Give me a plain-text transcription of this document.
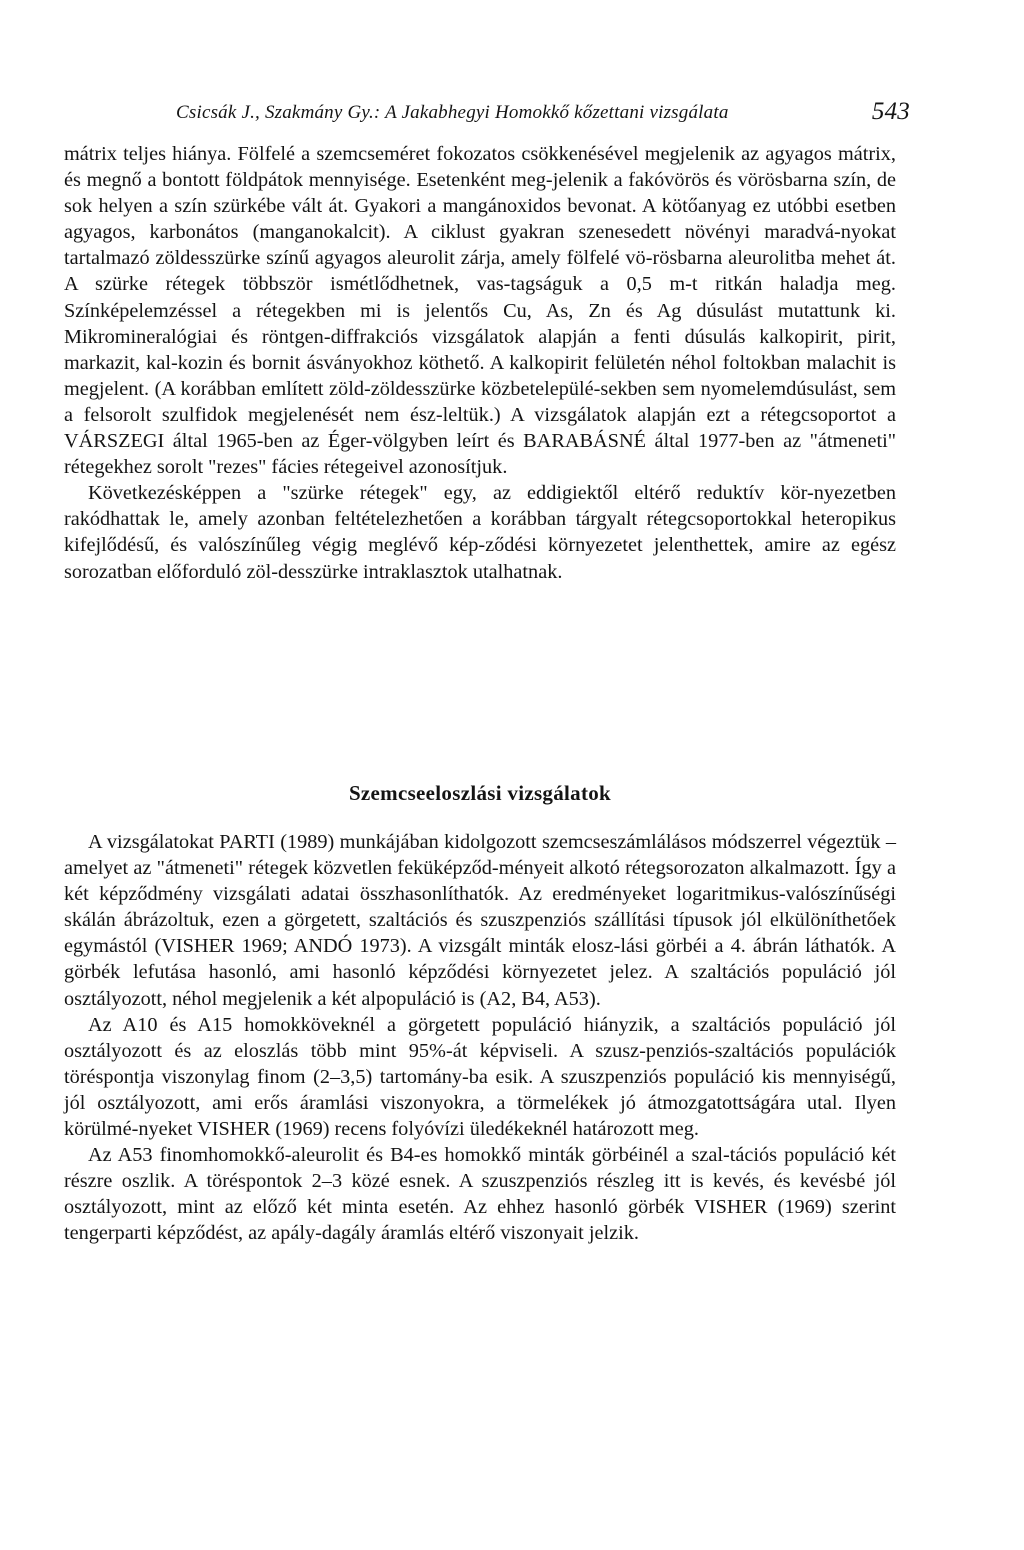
Csicsák J., Szakmány Gy.: A Jakabhegyi Homokkő kőzettani vizsgálata	543

mátrix teljes hiánya. Fölfelé a szemcseméret fokozatos csökkenésével megjelenik az agyagos mátrix, és megnő a bontott földpátok mennyisége. Esetenként meg-jelenik a fakóvörös és vörösbarna szín, de sok helyen a szín szürkébe vált át. Gyakori a mangánoxidos bevonat. A kötőanyag ez utóbbi esetben agyagos, karbonátos (manganokalcit). A ciklust gyakran szenesedett növényi maradvá-nyokat tartalmazó zöldesszürke színű agyagos aleurolit zárja, amely fölfelé vö-rösbarna aleurolitba mehet át. A szürke rétegek többször ismétlődhetnek, vas-tagságuk a 0,5 m-t ritkán haladja meg. Színképelemzéssel a rétegekben mi is jelentős Cu, As, Zn és Ag dúsulást mutattunk ki. Mikromineralógiai és röntgen-diffrakciós vizsgálatok alapján a fenti dúsulás kalkopirit, pirit, markazit, kal-kozin és bornit ásványokhoz köthető. A kalkopirit felületén néhol foltokban malachit is megjelent. (A korábban említett zöld-zöldesszürke közbetelepülé-sekben sem nyomelemdúsulást, sem a felsorolt szulfidok megjelenését nem ész-leltük.) A vizsgálatok alapján ezt a rétegcsoportot a VÁRSZEGI által 1965-ben az Éger-völgyben leírt és BARABÁSNÉ által 1977-ben az "átmeneti" rétegekhez sorolt "rezes" fácies rétegeivel azonosítjuk.

Következésképpen a "szürke rétegek" egy, az eddigiektől eltérő reduktív kör-nyezetben rakódhattak le, amely azonban feltételezhetően a korábban tárgyalt rétegcsoportokkal heteropikus kifejlődésű, és valószínűleg végig meglévő kép-ződési környezetet jelenthettek, amire az egész sorozatban előforduló zöl-desszürke intraklasztok utalhatnak.

Szemcseeloszlási vizsgálatok

A vizsgálatokat PARTI (1989) munkájában kidolgozott szemcseszámlálásos módszerrel végeztük – amelyet az "átmeneti" rétegek közvetlen feküképződ-ményeit alkotó rétegsorozaton alkalmazott. Így a két képződmény vizsgálati adatai összhasonlíthatók. Az eredményeket logaritmikus-valószínűségi skálán ábrázoltuk, ezen a görgetett, szaltációs és szuszpenziós szállítási típusok jól elkülöníthetőek egymástól (VISHER 1969; ANDÓ 1973). A vizsgált minták elosz-lási görbéi a 4. ábrán láthatók. A görbék lefutása hasonló, ami hasonló képződési környezetet jelez. A szaltációs populáció jól osztályozott, néhol megjelenik a két alpopuláció is (A2, B4, A53).

Az A10 és A15 homokköveknél a görgetett populáció hiányzik, a szaltációs populáció jól osztályozott és az eloszlás több mint 95%-át képviseli. A szusz-penziós-szaltációs populációk töréspontja viszonylag finom (2–3,5) tartomány-ba esik. A szuszpenziós populáció kis mennyiségű, jól osztályozott, ami erős áramlási viszonyokra, a törmelékek jó átmozgatottságára utal. Ilyen körülmé-nyeket VISHER (1969) recens folyóvízi üledékeknél határozott meg.

Az A53 finomhomokkő-aleurolit és B4-es homokkő minták görbéinél a szal-tációs populáció két részre oszlik. A töréspontok 2–3 közé esnek. A szuszpenziós részleg itt is kevés, és kevésbé jól osztályozott, mint az előző két minta esetén. Az ehhez hasonló görbék VISHER (1969) szerint tengerparti képződést, az apály-dagály áramlás eltérő viszonyait jelzik.
